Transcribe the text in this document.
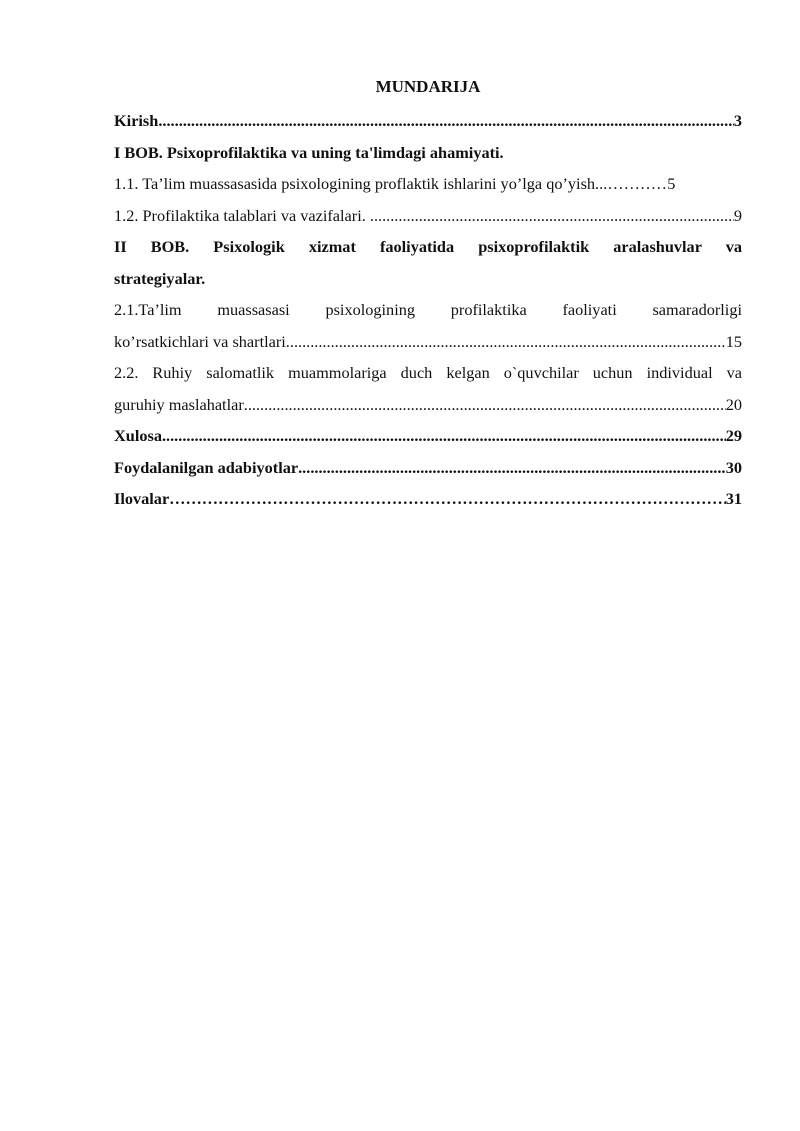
MUNDARIJA
Kirish .....	3
I BOB. Psixoprofilaktika va uning ta'limdagi ahamiyati.
1.1. Ta’lim muassasasida psixologining proflaktik ishlarini yo’lga qo’yish... ……………………………………………………………………………………………………………………………………………………………………………	5
1.2. Profilaktika talablari va vazifalari. .....	9
II BOB. Psixologik xizmat faoliyatida psixoprofilaktik aralashuvlar va
strategiyalar.
2.1.Ta’lim muassasasi psixologining profilaktika faoliyati samaradorligi
ko’rsatkichlari va shartlari .....	15
2.2. Ruhiy salomatlik muammolariga duch kelgan o`quvchilar uchun individual va
guruhiy maslahatlar .....	20
Xulosa .....	29
Foydalanilgan adabiyotlar .....	30
Ilovalar ……………………………………………………………………………………………………………………………………………………………………………	31
